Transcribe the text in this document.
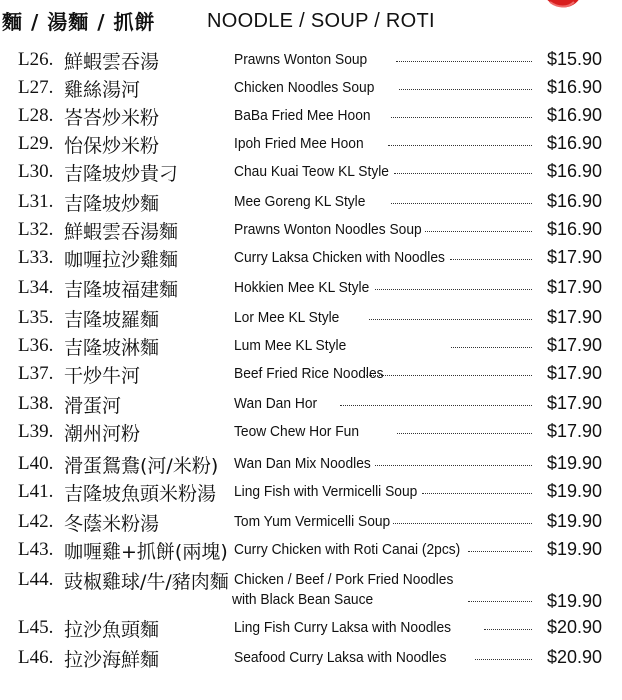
麵 / 湯麵 / 抓餅	NOODLE / SOUP / ROTI
L26. 鮮蝦雲吞湯	Prawns Wonton Soup	$15.90
L27. 雞絲湯河	Chicken Noodles Soup	$16.90
L28. 峇峇炒米粉	BaBa Fried Mee Hoon	$16.90
L29. 怡保炒米粉	Ipoh Fried Mee Hoon	$16.90
L30. 吉隆坡炒貴刁	Chau Kuai Teow KL Style	$16.90
L31. 吉隆坡炒麵	Mee Goreng KL Style	$16.90
L32. 鮮蝦雲吞湯麵	Prawns Wonton Noodles Soup	$16.90
L33. 咖喱拉沙雞麵	Curry Laksa Chicken with Noodles	$17.90
L34. 吉隆坡福建麵	Hokkien Mee KL Style	$17.90
L35. 吉隆坡羅麵	Lor Mee KL Style	$17.90
L36. 吉隆坡淋麵	Lum Mee KL Style	$17.90
L37. 干炒牛河	Beef Fried Rice Noodles	$17.90
L38. 滑蛋河	Wan Dan Hor	$17.90
L39. 潮州河粉	Teow Chew Hor Fun	$17.90
L40. 滑蛋鴛鴦(河/米粉) Wan Dan Mix Noodles	$19.90
L41. 吉隆坡魚頭米粉湯 Ling Fish with Vermicelli Soup	$19.90
L42. 冬蔭米粉湯	Tom Yum Vermicelli Soup	$19.90
L43. 咖喱雞+抓餅(兩塊) Curry Chicken with Roti Canai (2pcs)	$19.90
L44. 豉椒雞球/牛/豬肉麵 Chicken / Beef / Pork Fried Noodles
with Black Bean Sauce	$19.90
L45. 拉沙魚頭麵	Ling Fish Curry Laksa with Noodles	$20.90
L46. 拉沙海鮮麵	Seafood Curry Laksa with Noodles	$20.90
